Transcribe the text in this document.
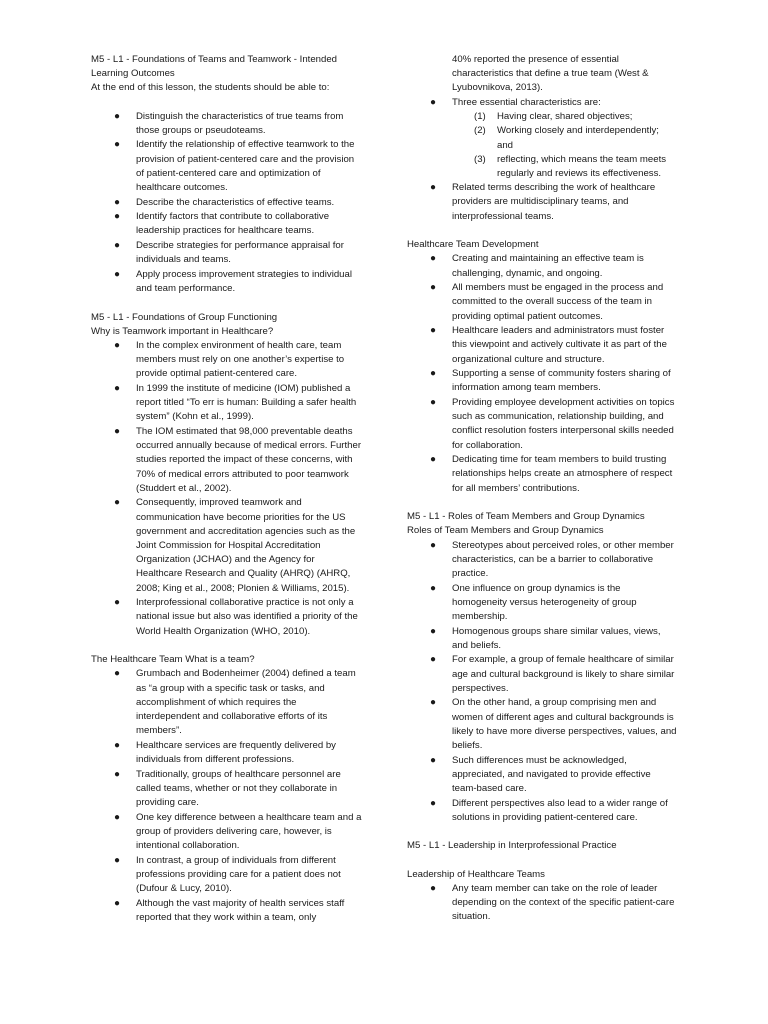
M5 - L1 - Foundations of Teams and Teamwork - Intended Learning Outcomes

At the end of this lesson, the students should be able to:

● Distinguish the characteristics of true teams from those groups or pseudoteams.
● Identify the relationship of effective teamwork to the provision of patient-centered care and the provision of patient-centered care and optimization of healthcare outcomes.
● Describe the characteristics of effective teams.
● Identify factors that contribute to collaborative leadership practices for healthcare teams.
● Describe strategies for performance appraisal for individuals and teams.
● Apply process improvement strategies to individual and team performance.

M5 - L1 - Foundations of Group Functioning

Why is Teamwork important in Healthcare?

● In the complex environment of health care, team members must rely on one another’s expertise to provide optimal patient-centered care.
● In 1999 the institute of medicine (IOM) published a report titled “To err is human: Building a safer health system” (Kohn et al., 1999).
● The IOM estimated that 98,000 preventable deaths occurred annually because of medical errors. Further studies reported the impact of these concerns, with 70% of medical errors attributed to poor teamwork (Studdert et al., 2002).
● Consequently, improved teamwork and communication have become priorities for the US government and accreditation agencies such as the Joint Commission for Hospital Accreditation Organization (JCHAO) and the Agency for Healthcare Research and Quality (AHRQ) (AHRQ, 2008; King et al., 2008; Plonien & Williams, 2015).
● Interprofessional collaborative practice is not only a national issue but also was identified a priority of the World Health Organization (WHO, 2010).

The Healthcare Team What is a team?

● Grumbach and Bodenheimer (2004) defined a team as “a group with a specific task or tasks, and accomplishment of which requires the interdependent and collaborative efforts of its members”.
● Healthcare services are frequently delivered by individuals from different professions.
● Traditionally, groups of healthcare personnel are called teams, whether or not they collaborate in providing care.
● One key difference between a healthcare team and a group of providers delivering care, however, is intentional collaboration.
● In contrast, a group of individuals from different professions providing care for a patient does not (Dufour & Lucy, 2010).
● Although the vast majority of health services staff reported that they work within a team, only

40% reported the presence of essential characteristics that define a true team (West & Lyubovnikova, 2013).

● Three essential characteristics are:
(1) Having clear, shared objectives;
(2) Working closely and interdependently; and
(3) reflecting, which means the team meets regularly and reviews its effectiveness.
● Related terms describing the work of healthcare providers are multidisciplinary teams, and interprofessional teams.

Healthcare Team Development

● Creating and maintaining an effective team is challenging, dynamic, and ongoing.
● All members must be engaged in the process and committed to the overall success of the team in providing optimal patient outcomes.
● Healthcare leaders and administrators must foster this viewpoint and actively cultivate it as part of the organizational culture and structure.
● Supporting a sense of community fosters sharing of information among team members.
● Providing employee development activities on topics such as communication, relationship building, and conflict resolution fosters interpersonal skills needed for collaboration.
● Dedicating time for team members to build trusting relationships helps create an atmosphere of respect for all members’ contributions.

M5 - L1 - Roles of Team Members and Group Dynamics

Roles of Team Members and Group Dynamics

● Stereotypes about perceived roles, or other member characteristics, can be a barrier to collaborative practice.
● One influence on group dynamics is the homogeneity versus heterogeneity of group membership.
● Homogenous groups share similar values, views, and beliefs.
● For example, a group of female healthcare of similar age and cultural background is likely to share similar perspectives.
● On the other hand, a group comprising men and women of different ages and cultural backgrounds is likely to have more diverse perspectives, values, and beliefs.
● Such differences must be acknowledged, appreciated, and navigated to provide effective team-based care.
● Different perspectives also lead to a wider range of solutions in providing patient-centered care.

M5 - L1 - Leadership in Interprofessional Practice

Leadership of Healthcare Teams

● Any team member can take on the role of leader depending on the context of the specific patient-care situation.
